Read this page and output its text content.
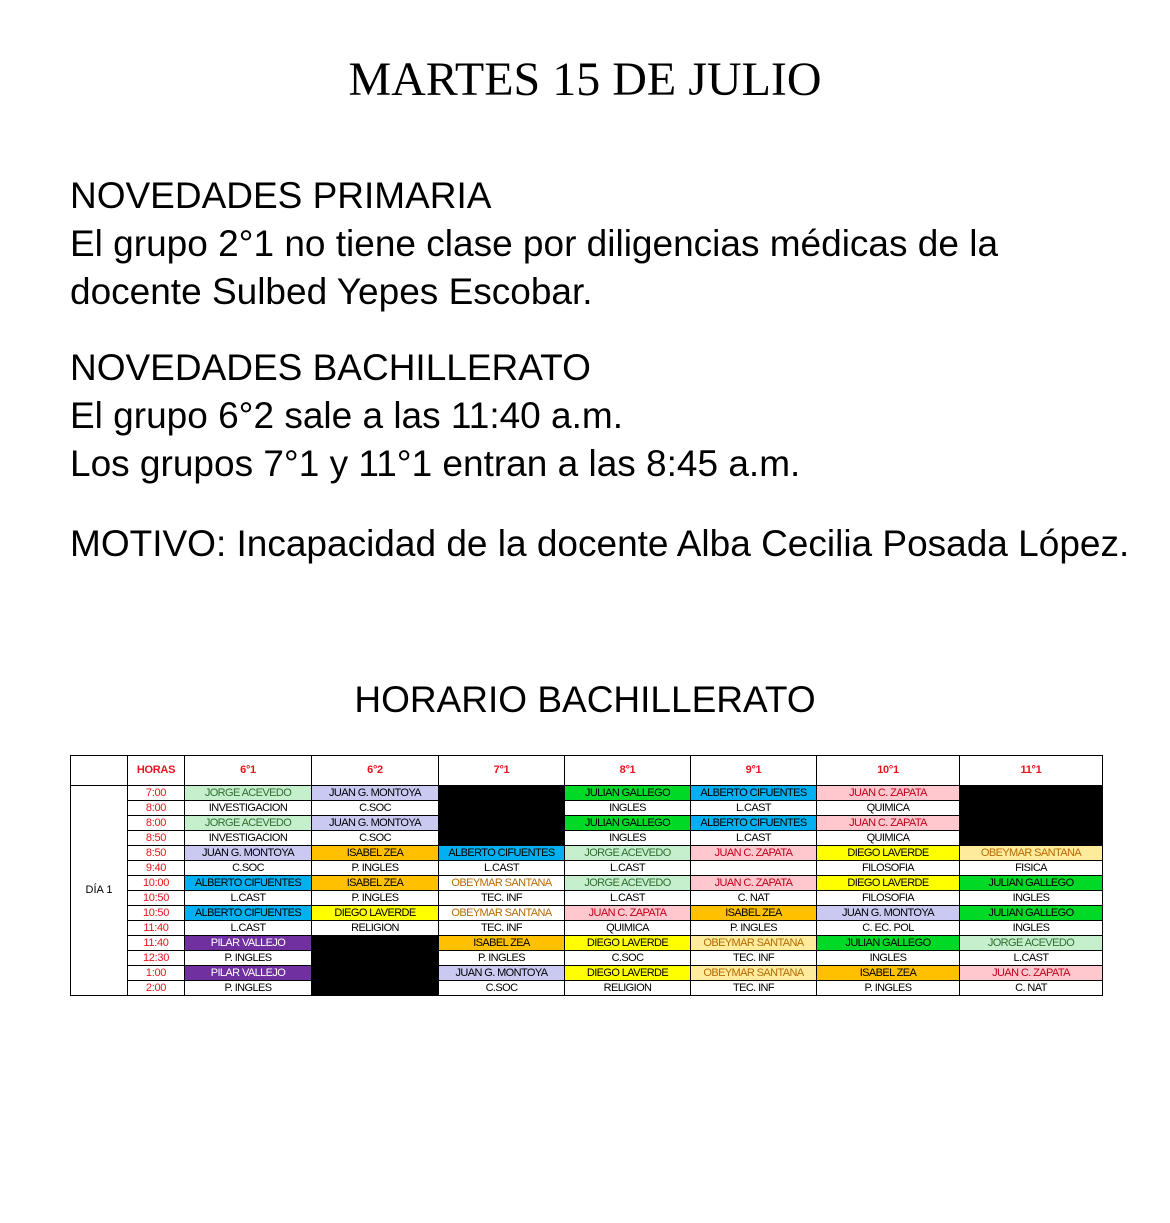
MARTES 15 DE JULIO

NOVEDADES PRIMARIA

El grupo 2°1 no tiene clase por diligencias médicas de la docente Sulbed Yepes Escobar.

NOVEDADES BACHILLERATO

El grupo 6°2 sale a las 11:40 a.m.

Los grupos 7°1 y 11°1 entran a las 8:45 a.m.

MOTIVO: Incapacidad de la docente Alba Cecilia Posada López.

HORARIO BACHILLERATO
	HORAS	6°1	6°2	7°1	8°1	9°1	10°1	11°1
DÍA 1	7:00	JORGE ACEVEDO	JUAN G. MONTOYA		JULIAN GALLEGO	ALBERTO CIFUENTES	JUAN C. ZAPATA	
	8:00	INVESTIGACION	C.SOC		INGLES	L.CAST	QUIMICA	
	8:00	JORGE ACEVEDO	JUAN G. MONTOYA		JULIAN GALLEGO	ALBERTO CIFUENTES	JUAN C. ZAPATA	
	8:50	INVESTIGACION	C.SOC		INGLES	L.CAST	QUIMICA	
	8:50	JUAN G. MONTOYA	ISABEL ZEA	ALBERTO CIFUENTES	JORGE ACEVEDO	JUAN C. ZAPATA	DIEGO LAVERDE	OBEYMAR SANTANA
	9:40	C.SOC	P. INGLES	L.CAST	L.CAST		FILOSOFIA	FISICA
	10:00	ALBERTO CIFUENTES	ISABEL ZEA	OBEYMAR SANTANA	JORGE ACEVEDO	JUAN C. ZAPATA	DIEGO LAVERDE	JULIAN GALLEGO
	10:50	L.CAST	P. INGLES	TEC. INF	L.CAST	C. NAT	FILOSOFIA	INGLES
	10:50	ALBERTO CIFUENTES	DIEGO LAVERDE	OBEYMAR SANTANA	JUAN C. ZAPATA	ISABEL ZEA	JUAN G. MONTOYA	JULIAN GALLEGO
	11:40	L.CAST	RELIGION	TEC. INF	QUIMICA	P. INGLES	C. EC. POL	INGLES
	11:40	PILAR VALLEJO		ISABEL ZEA	DIEGO LAVERDE	OBEYMAR SANTANA	JULIAN GALLEGO	JORGE ACEVEDO
	12:30	P. INGLES		P. INGLES	C.SOC	TEC. INF	INGLES	L.CAST
	1:00	PILAR VALLEJO		JUAN G. MONTOYA	DIEGO LAVERDE	OBEYMAR SANTANA	ISABEL ZEA	JUAN C. ZAPATA
	2:00	P. INGLES		C.SOC	RELIGION	TEC. INF	P. INGLES	C. NAT
